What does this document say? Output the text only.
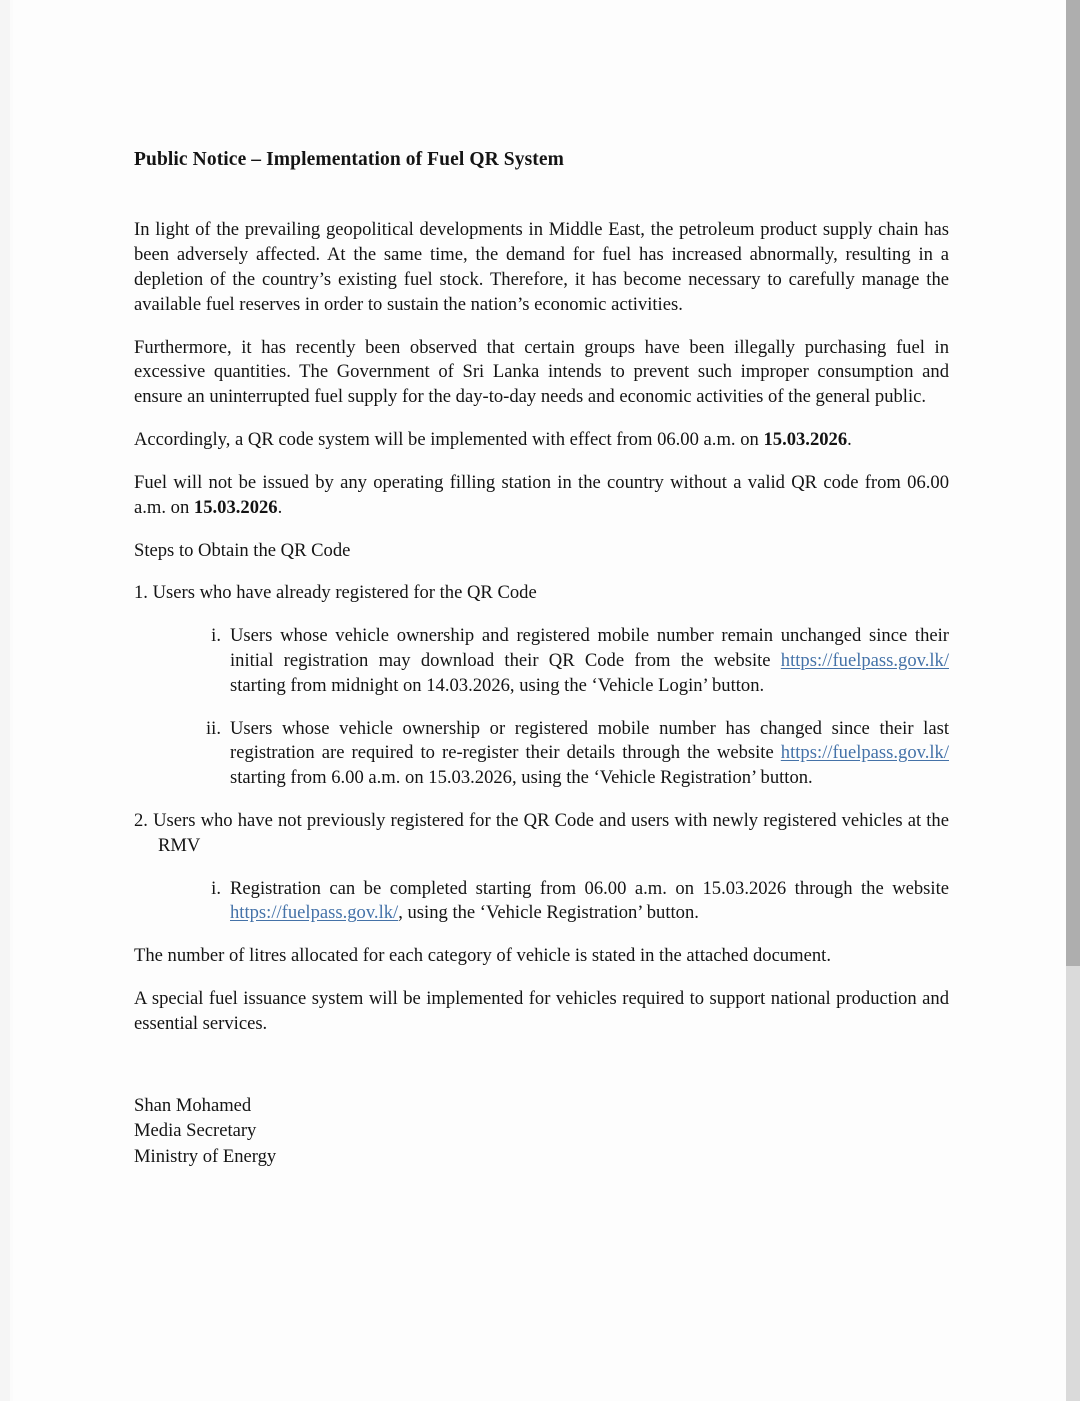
Public Notice – Implementation of Fuel QR System

In light of the prevailing geopolitical developments in Middle East, the petroleum product supply chain has been adversely affected. At the same time, the demand for fuel has increased abnormally, resulting in a depletion of the country’s existing fuel stock. Therefore, it has become necessary to carefully manage the available fuel reserves in order to sustain the nation’s economic activities.

Furthermore, it has recently been observed that certain groups have been illegally purchasing fuel in excessive quantities. The Government of Sri Lanka intends to prevent such improper consumption and ensure an uninterrupted fuel supply for the day-to-day needs and economic activities of the general public.

Accordingly, a QR code system will be implemented with effect from 06.00 a.m. on 15.03.2026.

Fuel will not be issued by any operating filling station in the country without a valid QR code from 06.00 a.m. on 15.03.2026.

Steps to Obtain the QR Code

1. Users who have already registered for the QR Code

i. Users whose vehicle ownership and registered mobile number remain unchanged since their initial registration may download their QR Code from the website https://fuelpass.gov.lk/ starting from midnight on 14.03.2026, using the ‘Vehicle Login’ button.

ii. Users whose vehicle ownership or registered mobile number has changed since their last registration are required to re-register their details through the website https://fuelpass.gov.lk/ starting from 6.00 a.m. on 15.03.2026, using the ‘Vehicle Registration’ button.

2. Users who have not previously registered for the QR Code and users with newly registered vehicles at the RMV

i. Registration can be completed starting from 06.00 a.m. on 15.03.2026 through the website https://fuelpass.gov.lk/, using the ‘Vehicle Registration’ button.

The number of litres allocated for each category of vehicle is stated in the attached document.

A special fuel issuance system will be implemented for vehicles required to support national production and essential services.

Shan Mohamed
Media Secretary
Ministry of Energy
